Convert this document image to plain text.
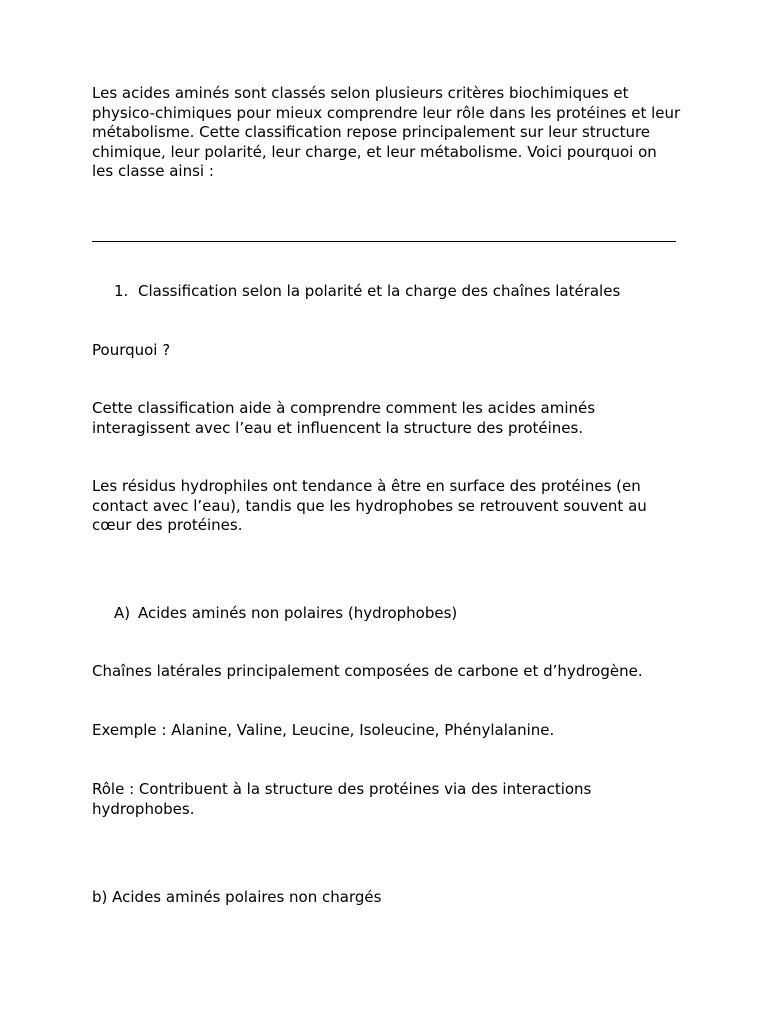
Les acides aminés sont classés selon plusieurs critères biochimiques et physico-chimiques pour mieux comprendre leur rôle dans les protéines et leur métabolisme. Cette classification repose principalement sur leur structure chimique, leur polarité, leur charge, et leur métabolisme. Voici pourquoi on les classe ainsi :

1. Classification selon la polarité et la charge des chaînes latérales

Pourquoi ?

Cette classification aide à comprendre comment les acides aminés interagissent avec l’eau et influencent la structure des protéines.

Les résidus hydrophiles ont tendance à être en surface des protéines (en contact avec l’eau), tandis que les hydrophobes se retrouvent souvent au cœur des protéines.

A) Acides aminés non polaires (hydrophobes)

Chaînes latérales principalement composées de carbone et d’hydrogène.

Exemple : Alanine, Valine, Leucine, Isoleucine, Phénylalanine.

Rôle : Contribuent à la structure des protéines via des interactions hydrophobes.

b) Acides aminés polaires non chargés
